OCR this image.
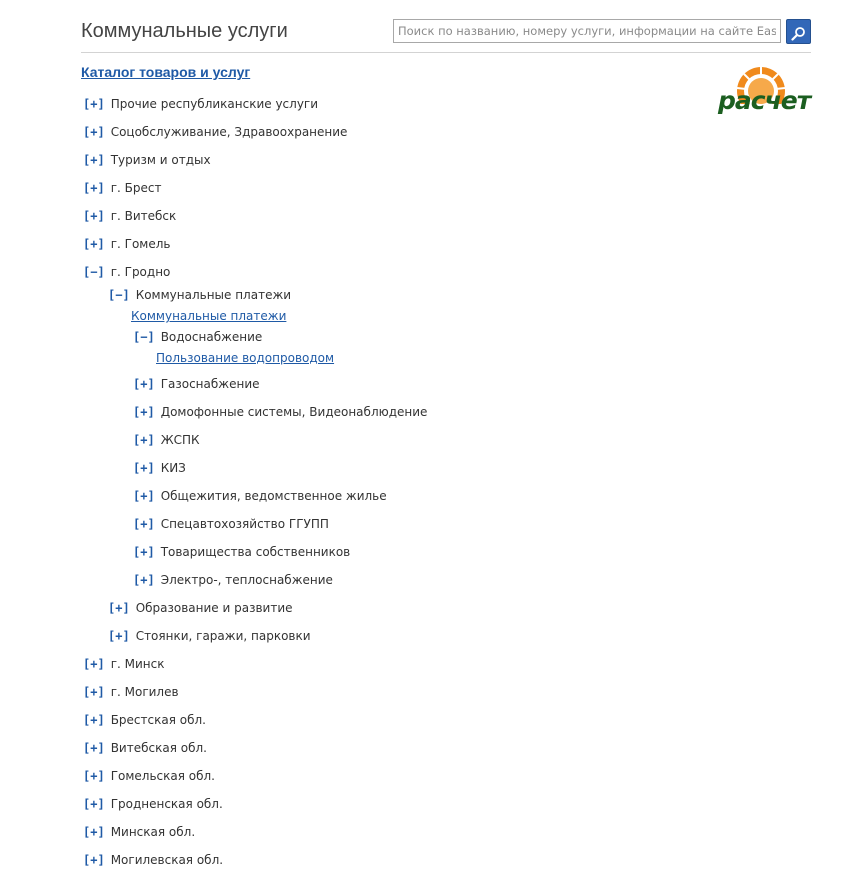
Коммунальные услуги
Поиск по названию, номеру услуги, информации на сайте EasyPay
Каталог товаров и услуг
расчет
[+] Прочие республиканские услуги
[+] Соцобслуживание, Здравоохранение
[+] Туризм и отдых
[+] г. Брест
[+] г. Витебск
[+] г. Гомель
[−] г. Гродно
[−] Коммунальные платежи
Коммунальные платежи
[−] Водоснабжение
Пользование водопроводом
[+] Газоснабжение
[+] Домофонные системы, Видеонаблюдение
[+] ЖСПК
[+] КИЗ
[+] Общежития, ведомственное жилье
[+] Спецавтохозяйство ГГУПП
[+] Товарищества собственников
[+] Электро-, теплоснабжение
[+] Образование и развитие
[+] Стоянки, гаражи, парковки
[+] г. Минск
[+] г. Могилев
[+] Брестская обл.
[+] Витебская обл.
[+] Гомельская обл.
[+] Гродненская обл.
[+] Минская обл.
[+] Могилевская обл.
